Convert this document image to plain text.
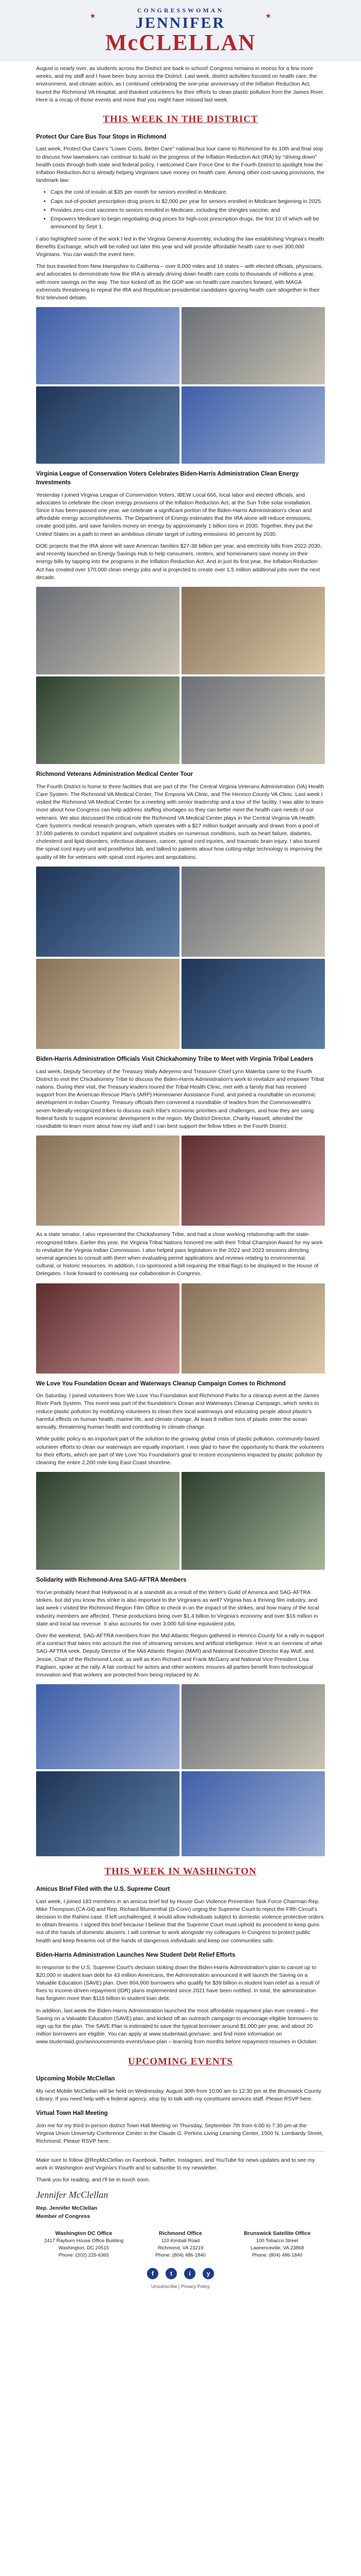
★	★
CONGRESSWOMAN
JENNIFER
McCLELLAN

August is nearly over, as students across the District are back in school! Congress remains in recess for a few more weeks, and my staff and I have been busy across the District. Last week, district activities focused on health care, the environment, and climate action, as I continued celebrating the one-year anniversary of the Inflation Reduction Act, toured the Richmond VA Hospital, and thanked volunteers for their efforts to clean plastic pollution from the James River. Here is a recap of those events and more that you might have missed last week:

THIS WEEK IN THE DISTRICT
Protect Our Care Bus Tour Stops in Richmond

Last week, Protect Our Care's "Lower Costs, Better Care" national bus tour came to Richmond for its 10th and final stop to discuss how lawmakers can continue to build on the progress of the Inflation Reduction Act (IRA) by "driving down" health costs through both state and federal policy. I welcomed Care Force One to the Fourth District to spotlight how the Inflation Reduction Act is already helping Virginians save money on health care. Among other cost-saving provisions, the landmark law:

• Caps the cost of insulin at $35 per month for seniors enrolled in Medicare.
• Caps out-of-pocket prescription drug prices to $2,000 per year for seniors enrolled in Medicare beginning in 2025.
• Provides zero-cost vaccines to seniors enrolled in Medicare, including the shingles vaccine; and
• Empowers Medicare to begin negotiating drug prices for high-cost prescription drugs, the first 10 of which will be announced by Sept 1.

I also highlighted some of the work I led in the Virginia General Assembly, including the law establishing Virginia's Health Benefits Exchange, which will be rolled out later this year and will provide affordable health care to over 300,000 Virginians. You can watch the event here.

The bus traveled from New Hampshire to California – over 8,000 miles and 16 states – with elected officials, physicians, and advocates to demonstrate how the IRA is already driving down health care costs to thousands of millions a year, with more savings on the way. The tour kicked off as the GOP war on health care marches forward, with MAGA extremists threatening to repeal the IRA and Republican presidential candidates ignoring health care altogether in their first televised debate.

Virginia League of Conservation Voters Celebrates Biden-Harris Administration Clean Energy Investments

Yesterday I joined Virginia League of Conservation Voters, IBEW Local 666, local labor and elected officials, and advocates to celebrate the clean energy provisions of the Inflation Reduction Act, at the Sun Tribe solar installation. Since it has been passed one year, we celebrate a significant portion of the Biden-Harris Administration's clean and affordable energy accomplishments. The Department of Energy estimates that the IRA alone will reduce emissions, create good jobs, and save families money on energy by approximately 1 billion tons in 2030. Together, they put the United States on a path to meet an ambitious climate target of cutting emissions 40 percent by 2030.

DOE projects that the IRA alone will save American families $27-38 billion per year, and electricity bills from 2022-2030, and recently launched an Energy Savings Hub to help consumers, renters, and homeowners save money on their energy bills by tapping into the programs in the Inflation Reduction Act. And in just its first year, the Inflation Reduction Act has created over 170,000 clean energy jobs and is projected to create over 1.5 million additional jobs over the next decade.

Richmond Veterans Administration Medical Center Tour

The Fourth District is home to three facilities that are part of the The Central Virginia Veterans Administration (VA) Health Care System: The Richmond VA Medical Center, The Emporia VA Clinic, and The Henrico County VA Clinic. Last week I visited the Richmond VA Medical Center for a meeting with senior leadership and a tour of the facility. I was able to learn more about how Congress can help address staffing shortages so they can better meet the health care needs of our veterans. We also discussed the critical role the Richmond VA Medical Center plays in the Central Virginia VA Health Care System's medical research program, which operates with a $27 million budget annually and draws from a pool of 37,000 patients to conduct inpatient and outpatient studies on numerous conditions, such as heart failure, diabetes, cholesterol and lipid disorders, infectious diseases, cancer, spinal cord injuries, and traumatic brain injury. I also toured the spinal cord injury unit and prosthetics lab, and talked to patients about how cutting-edge technology is improving the quality of life for veterans with spinal cord injuries and amputations.

Biden-Harris Administration Officials Visit Chickahominy Tribe to Meet with Virginia Tribal Leaders

Last week, Deputy Secretary of the Treasury Wally Adeyemo and Treasurer Chief Lynn Malerba came to the Fourth District to visit the Chickahominy Tribe to discuss the Biden-Harris Administration's work to revitalize and empower Tribal nations. During their visit, the Treasury leaders toured the Tribal Health Clinic, met with a family that has received support from the American Rescue Plan's (ARP) Homeowner Assistance Fund, and joined a roundtable on economic development in Indian Country. Treasury officials then convened a roundtable of leaders from the Commonwealth's seven federally-recognized tribes to discuss each tribe's economic priorities and challenges, and how they are using federal funds to support economic development in the region. My District Director, Charity Hassell, attended the roundtable to learn more about how my staff and I can best support the fellow tribes in the Fourth District.

As a state senator, I also represented the Chickahominy Tribe, and had a close working relationship with the state-recognized tribes. Earlier this year, the Virginia Tribal Nations honored me with their Tribal Champion Award for my work to revitalize the Virginia Indian Commission. I also helped pass legislation in the 2022 and 2023 sessions directing several agencies to consult with them when evaluating permit applications and reviews relating to environmental, cultural, or historic resources. In addition, I co-sponsored a bill requiring the tribal flags to be displayed in the House of Delegates. I look forward to continuing our collaboration in Congress.

We Love You Foundation Ocean and Waterways Cleanup Campaign Comes to Richmond

On Saturday, I joined volunteers from We Love You Foundation and Richmond Parks for a cleanup event at the James River Park System. This event was part of the foundation's Ocean and Waterways Cleanup Campaign, which seeks to reduce plastic pollution by mobilizing volunteers to clean their local waterways and educating people about plastic's harmful effects on human health, marine life, and climate change. At least 8 million tons of plastic enter the ocean annually, threatening human health and contributing to climate change.

While public policy is an important part of the solution to the growing global crisis of plastic pollution, community-based volunteer efforts to clean our waterways are equally important. I was glad to have the opportunity to thank the volunteers for their efforts, which are part of We Love You Foundation's goal to restore ecosystems impacted by plastic pollution by cleaning the entire 2,200 mile long East Coast shoreline.

Solidarity with Richmond-Area SAG-AFTRA Members

You've probably heard that Hollywood is at a standstill as a result of the Writer's Guild of America and SAG-AFTRA strikes, but did you know this strike is also important to the Virginians as well? Virginia has a thriving film industry, and last week I visited the Richmond Region Film Office to check in on the impact of the strikes, and how many of the local industry members are affected. These productions bring over $1.4 billion to Virginia's economy and over $16 million in state and local tax revenue. It also accounts for over 3,000 full-time equivalent jobs.

Over the weekend, SAG-AFTRA members from the Mid-Atlantic Region gathered in Henrico County for a rally in support of a contract that takes into account the rise of streaming services and artificial intelligence. Here is an overview of what SAG-AFTRA seek. Deputy Director of the Mid-Atlantic Region (MAR) and National Executive Director Kay Wolf, and Jessie, Chair of the Richmond Local, as well as Ken Richard and Frank McGarry and National Vice President Lisa Pagliaro, spoke at the rally. A fair contract for actors and other workers ensures all parties benefit from technological innovation and that workers are protected from being replaced by AI.

THIS WEEK IN WASHINGTON
Amicus Brief Filed with the U.S. Supreme Court

Last week, I joined 183 members in an amicus brief led by House Gun Violence Prevention Task Force Chairman Rep. Mike Thompson (CA-04) and Rep. Richard Blumenthal (D-Conn) urging the Supreme Court to reject the Fifth Circuit's decision in the Rahimi case. If left unchallenged, it would allow individuals subject to domestic violence protective orders to obtain firearms. I signed this brief because I believe that the Supreme Court must uphold its precedent to keep guns out of the hands of domestic abusers. I will continue to work alongside my colleagues in Congress to protect public health and keep firearms out of the hands of dangerous individuals and keep our communities safe.

Biden-Harris Administration Launches New Student Debt Relief Efforts

In response to the U.S. Supreme Court's decision striking down the Biden-Harris Administration's plan to cancel up to $20,000 in student loan debt for 43 million Americans, the Administration announced it will launch the Saving on a Valuable Education (SAVE) plan. Over 804,000 borrowers who qualify for $39 billion in student loan relief as a result of fixes to income-driven repayment (IDR) plans implemented since 2021 have been notified. In total, the administration has forgiven more than $116 billion in student loan debt.

In addition, last week the Biden-Harris Administration launched the most affordable repayment plan ever created – the Saving on a Valuable Education (SAVE) plan, and kicked off an outreach campaign to encourage eligible borrowers to sign up for the plan. The SAVE Plan is estimated to save the typical borrower around $1,000 per year, and about 20 million borrowers are eligible. You can apply at www.studentaid.gov/save, and find more information on www.studentaid.gov/announcements-events/save-plan – learning from months before repayment resumes in October.

UPCOMING EVENTS
Upcoming Mobile McClellan

My next Mobile McClellan will be held on Wednesday, August 30th from 10:00 am to 12:30 pm at the Brunswick County Library. If you need help with a federal agency, stop by to talk with my constituent services staff. Please RSVP here.

Virtual Town Hall Meeting

Join me for my third in-person district Town Hall Meeting on Thursday, September 7th from 6:00 to 7:30 pm at the Virginia Union University Conference Center in the Claude G. Perkins Living Learning Center, 1500 N. Lombardy Street, Richmond. Please RSVP here.

Make sure to follow @RepMcClellan on Facebook, Twitter, Instagram, and YouTube for news updates and to see my work in Washington and Virginia's Fourth and to subscribe to my newsletter.

Thank you for reading, and I'll be in touch soon.

Jennifer McClellan
Rep. Jennifer McClellan
Member of Congress
Washington DC Office
2417 Rayburn House Office Building
Washington, DC 20515
Phone: (202) 225-6365
Richmond Office
110 Kimball Road
Richmond, VA 23219
Phone: (804) 486-1840
Brunswick Satellite Office
100 Tobacco Street
Lawrenceville, VA 23868
Phone: (804) 486-1840
f	t	i	y
Unsubscribe | Privacy Policy
